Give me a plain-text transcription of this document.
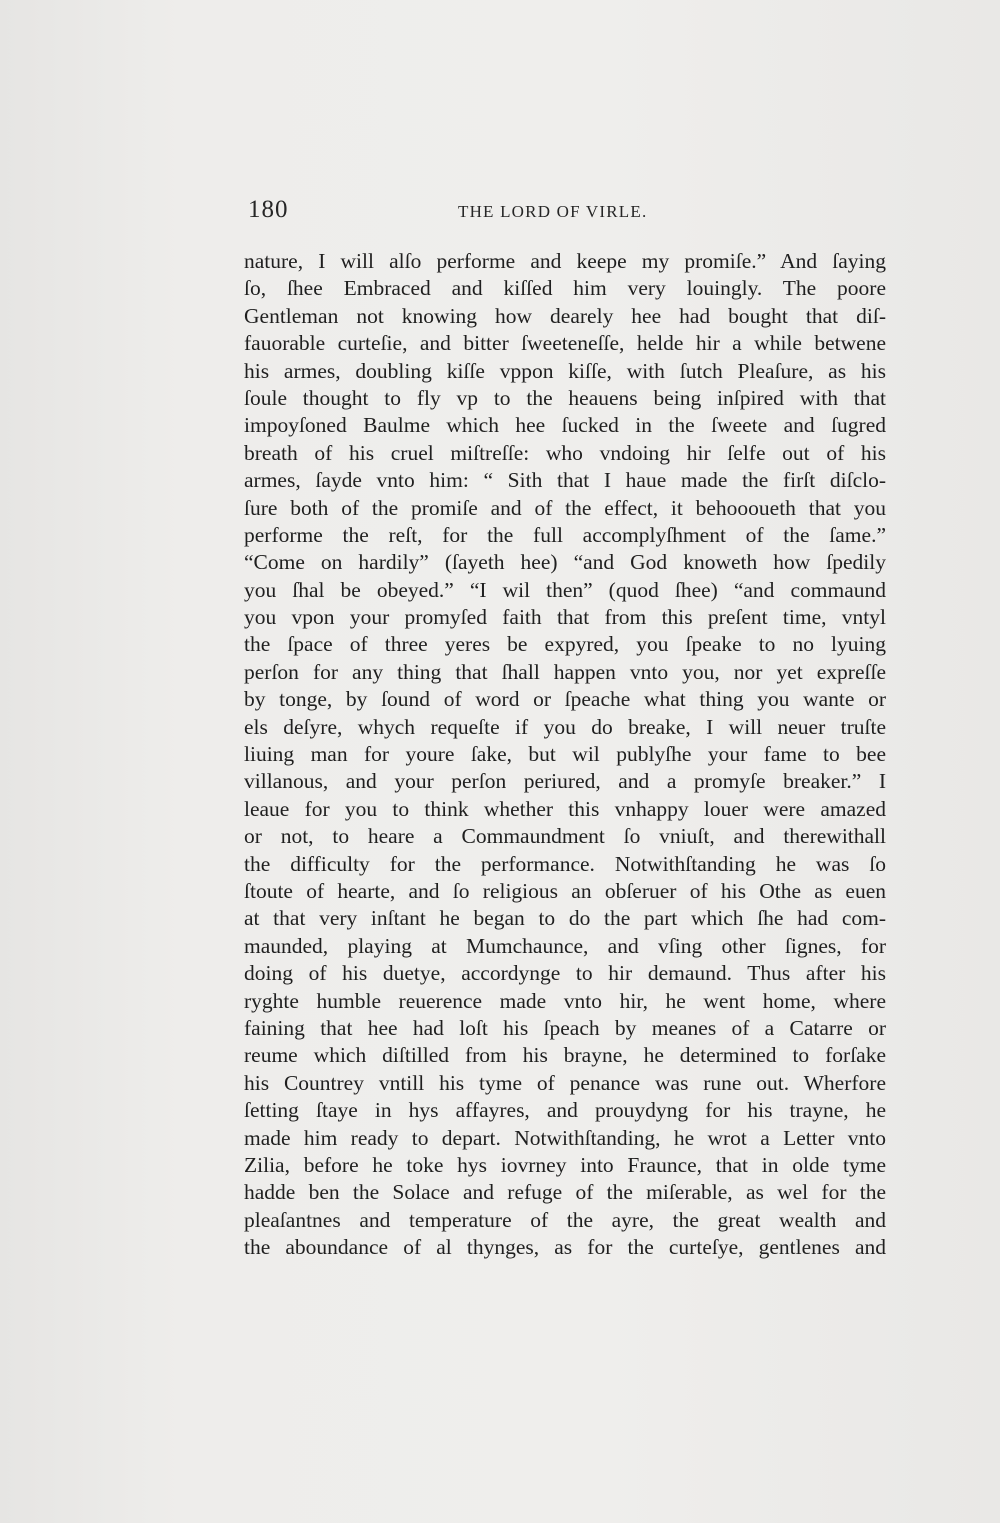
180	THE LORD OF VIRLE.
nature, I will alſo performe and keepe my promiſe.” And ſaying
ſo, ſhee Embraced and kiſſed him very louingly. The poore
Gentleman not knowing how dearely hee had bought that diſ-
fauorable curteſie, and bitter ſweeteneſſe, helde hir a while betwene
his armes, doubling kiſſe vppon kiſſe, with ſutch Pleaſure, as his
ſoule thought to fly vp to the heauens being inſpired with that
impoyſoned Baulme which hee ſucked in the ſweete and ſugred
breath of his cruel miſtreſſe: who vndoing hir ſelfe out of his
armes, ſayde vnto him: “ Sith that I haue made the firſt diſclo-
ſure both of the promiſe and of the effect, it behoooueth that you
performe the reſt, for the full accomplyſhment of the ſame.”
“Come on hardily” (ſayeth hee) “and God knoweth how ſpedily
you ſhal be obeyed.” “I wil then” (quod ſhee) “and commaund
you vpon your promyſed faith that from this preſent time, vntyl
the ſpace of three yeres be expyred, you ſpeake to no lyuing
perſon for any thing that ſhall happen vnto you, nor yet expreſſe
by tonge, by ſound of word or ſpeache what thing you wante or
els deſyre, whych requeſte if you do breake, I will neuer truſte
liuing man for youre ſake, but wil publyſhe your fame to bee
villanous, and your perſon periured, and a promyſe breaker.” I
leaue for you to think whether this vnhappy louer were amazed
or not, to heare a Commaundment ſo vniuſt, and therewithall
the difficulty for the performance. Notwithſtanding he was ſo
ſtoute of hearte, and ſo religious an obſeruer of his Othe as euen
at that very inſtant he began to do the part which ſhe had com-
maunded, playing at Mumchaunce, and vſing other ſignes, for
doing of his duetye, accordynge to hir demaund. Thus after his
ryghte humble reuerence made vnto hir, he went home, where
faining that hee had loſt his ſpeach by meanes of a Catarre or
reume which diſtilled from his brayne, he determined to forſake
his Countrey vntill his tyme of penance was rune out. Wherfore
ſetting ſtaye in hys affayres, and prouydyng for his trayne, he
made him ready to depart. Notwithſtanding, he wrot a Letter vnto
Zilia, before he toke hys iovrney into Fraunce, that in olde tyme
hadde ben the Solace and refuge of the miſerable, as wel for the
pleaſantnes and temperature of the ayre, the great wealth and
the aboundance of al thynges, as for the curteſye, gentlenes and
